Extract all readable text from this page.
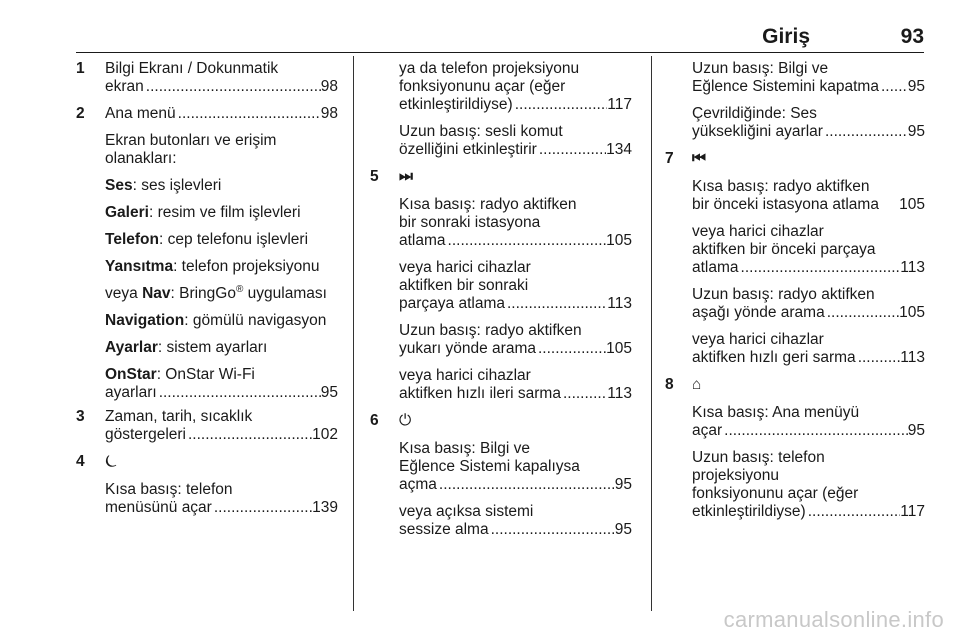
Giriş	93
1 Bilgi Ekranı / Dokunmatik
ekran .....	98
2 Ana menü .....	98
Ekran butonları ve erişim
olanakları:
Ses: ses işlevleri
Galeri: resim ve film işlevleri
Telefon: cep telefonu işlevleri
Yansıtma: telefon projeksiyonu
veya Nav: BringGo® uygulaması
Navigation: gömülü navigasyon
Ayarlar: sistem ayarları
OnStar: OnStar Wi-Fi
ayarları .....	95
3 Zaman, tarih, sıcaklık
göstergeleri .....	102
4 ⏾
Kısa basış: telefon
menüsünü açar .....	139
ya da telefon projeksiyonu
fonksiyonunu açar (eğer
etkinleştirildiyse) .....	117
Uzun basış: sesli komut
özelliğini etkinleştirir .....	134
5 ⏭
Kısa basış: radyo aktifken
bir sonraki istasyona
atlama .....	105
veya harici cihazlar
aktifken bir sonraki
parçaya atlama .....	113
Uzun basış: radyo aktifken
yukarı yönde arama .....	105
veya harici cihazlar
aktifken hızlı ileri sarma .....	113
6 ⏻
Kısa basış: Bilgi ve
Eğlence Sistemi kapalıysa
açma .....	95
veya açıksa sistemi
sessize alma .....	95
Uzun basış: Bilgi ve
Eğlence Sistemini kapatma ..... 95
Çevrildiğinde: Ses
yüksekliğini ayarlar .....	95
7 ⏮
Kısa basış: radyo aktifken
bir önceki istasyona atlama 105
veya harici cihazlar
aktifken bir önceki parçaya
atlama .....	113
Uzun basış: radyo aktifken
aşağı yönde arama .....	105
veya harici cihazlar
aktifken hızlı geri sarma .....	113
8 ⌂
Kısa basış: Ana menüyü
açar .....	95
Uzun basış: telefon
projeksiyonu
fonksiyonunu açar (eğer
etkinleştirildiyse) .....	117
carmanualsonline.info
